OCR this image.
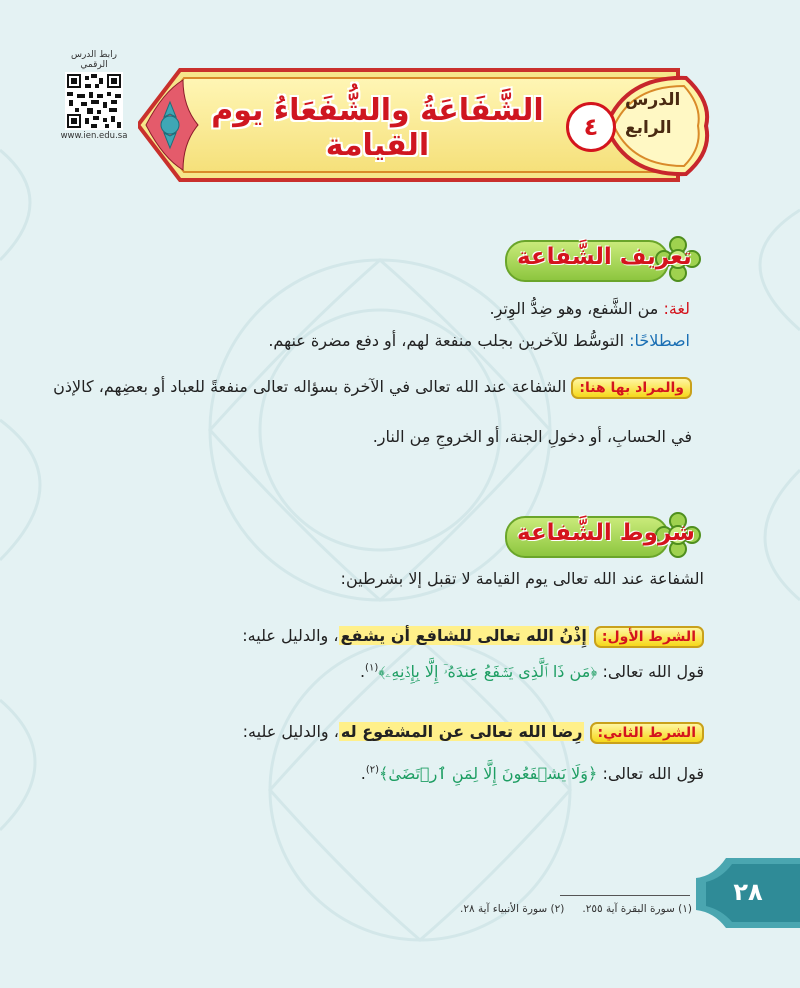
رابط الدرس الرقمي
www.ien.edu.sa
الدرس
الرابع
٤
الشَّفَاعَةُ والشُّفَعَاءُ يوم القيامة
تعريف الشَّفاعة
لغة: من الشَّفع، وهو ضِدُّ الوِترِ.
اصطلاحًا: التوسُّط للآخرين بجلب منفعة لهم، أو دفع مضرة عنهم.
والمراد بها هنا: الشفاعة عند الله تعالى في الآخرة بسؤاله تعالى منفعةً للعباد أو بعضِهم، كالإذن
في الحسابِ، أو دخولِ الجنة، أو الخروجِ مِن النار.
شروط الشَّفاعة
الشفاعة عند الله تعالى يوم القيامة لا تقبل إلا بشرطين:
الشرط الأول: إِذْنُ الله تعالى للشافع أن يشفع، والدليل عليه:
قول الله تعالى: ﴿مَن ذَا ٱلَّذِى يَشۡفَعُ عِندَهُۥٓ إِلَّا بِإِذۡنِهِۦ﴾$^{(١)}$.
الشرط الثاني: رِضا الله تعالى عن المشفوع له، والدليل عليه:
قول الله تعالى: ﴿وَلَا يَشۡفَعُونَ إِلَّا لِمَنِ ٱرۡتَضَىٰ﴾$^{(٢)}$.
٢٨
(١) سورة البقرة آية ٢٥٥.(٢) سورة الأنبياء آية ٢٨.
